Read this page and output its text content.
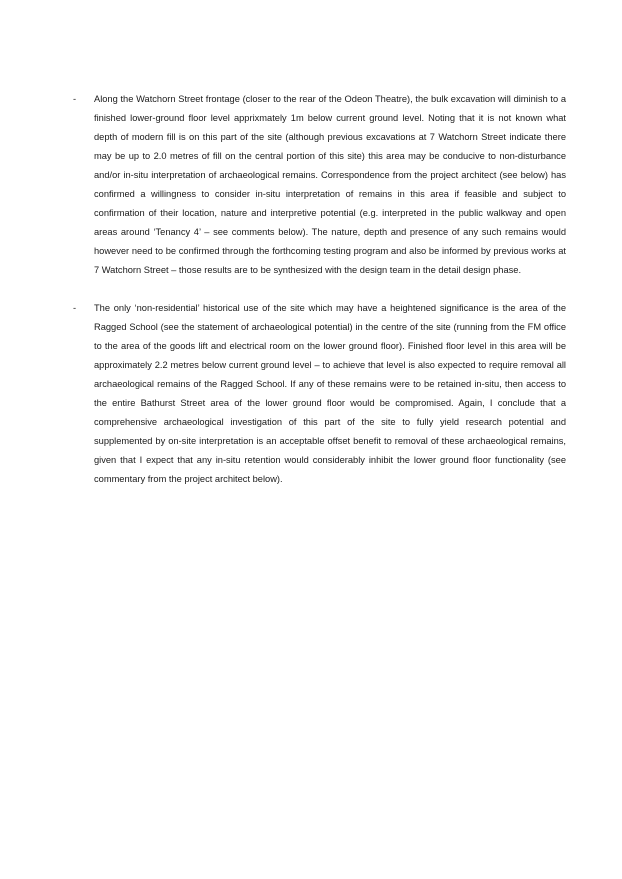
- Along the Watchorn Street frontage (closer to the rear of the Odeon Theatre), the bulk excavation will diminish to a finished lower-ground floor level apprixmately 1m below current ground level. Noting that it is not known what depth of modern fill is on this part of the site (although previous excavations at 7 Watchorn Street indicate there may be up to 2.0 metres of fill on the central portion of this site) this area may be conducive to non-disturbance and/or in-situ interpretation of archaeological remains. Correspondence from the project architect (see below) has confirmed a willingness to consider in-situ interpretation of remains in this area if feasible and subject to confirmation of their location, nature and interpretive potential (e.g. interpreted in the public walkway and open areas around ‘Tenancy 4’ – see comments below). The nature, depth and presence of any such remains would however need to be confirmed through the forthcoming testing program and also be informed by previous works at 7 Watchorn Street – those results are to be synthesized with the design team in the detail design phase.

- The only ‘non-residential’ historical use of the site which may have a heightened significance is the area of the Ragged School (see the statement of archaeological potential) in the centre of the site (running from the FM office to the area of the goods lift and electrical room on the lower ground floor). Finished floor level in this area will be approximately 2.2 metres below current ground level – to achieve that level is also expected to require removal all archaeological remains of the Ragged School. If any of these remains were to be retained in-situ, then access to the entire Bathurst Street area of the lower ground floor would be compromised. Again, I conclude that a comprehensive archaeological investigation of this part of the site to fully yield research potential and supplemented by on-site interpretation is an acceptable offset benefit to removal of these archaeological remains, given that I expect that any in-situ retention would considerably inhibit the lower ground floor functionality (see commentary from the project architect below).
